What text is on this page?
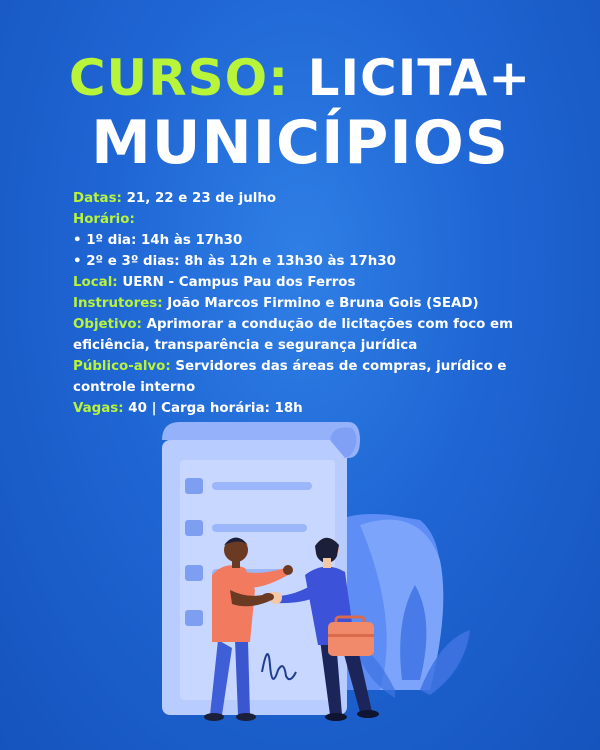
CURSO: LICITA+
MUNICÍPIOS
Datas: 21, 22 e 23 de julho
Horário:
• 1º dia: 14h às 17h30
• 2º e 3º dias: 8h às 12h e 13h30 às 17h30
Local: UERN - Campus Pau dos Ferros
Instrutores: João Marcos Firmino e Bruna Gois (SEAD)
Objetivo: Aprimorar a condução de licitações com foco em eficiência, transparência e segurança jurídica
Público-alvo: Servidores das áreas de compras, jurídico e controle interno
Vagas: 40 | Carga horária: 18h
